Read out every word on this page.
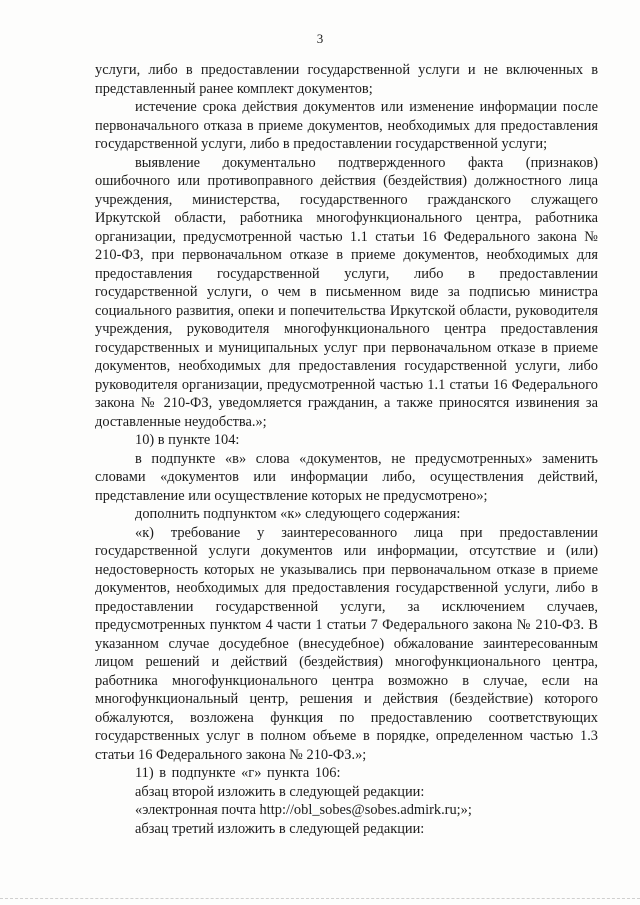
3

услуги, либо в предоставлении государственной услуги и не включенных в представленный ранее комплект документов;

истечение срока действия документов или изменение информации после первоначального отказа в приеме документов, необходимых для предоставления государственной услуги, либо в предоставлении государственной услуги;

выявление документально подтвержденного факта (признаков) ошибочного или противоправного действия (бездействия) должностного лица учреждения, министерства, государственного гражданского служащего Иркутской области, работника многофункционального центра, работника организации, предусмотренной частью 1.1 статьи 16 Федерального закона № 210-ФЗ, при первоначальном отказе в приеме документов, необходимых для предоставления государственной услуги, либо в предоставлении государственной услуги, о чем в письменном виде за подписью министра социального развития, опеки и попечительства Иркутской области, руководителя учреждения, руководителя многофункционального центра предоставления государственных и муниципальных услуг при первоначальном отказе в приеме документов, необходимых для предоставления государственной услуги, либо руководителя организации, предусмотренной частью 1.1 статьи 16 Федерального закона № 210-ФЗ, уведомляется гражданин, а также приносятся извинения за доставленные неудобства.»;

10) в пункте 104:

в подпункте «в» слова «документов, не предусмотренных» заменить словами «документов или информации либо, осуществления действий, представление или осуществление которых не предусмотрено»;

дополнить подпунктом «к» следующего содержания:

«к) требование у заинтересованного лица при предоставлении государственной услуги документов или информации, отсутствие и (или) недостоверность которых не указывались при первоначальном отказе в приеме документов, необходимых для предоставления государственной услуги, либо в предоставлении государственной услуги, за исключением случаев, предусмотренных пунктом 4 части 1 статьи 7 Федерального закона № 210-ФЗ. В указанном случае досудебное (внесудебное) обжалование заинтересованным лицом решений и действий (бездействия) многофункционального центра, работника многофункционального центра возможно в случае, если на многофункциональный центр, решения и действия (бездействие) которого обжалуются, возложена функция по предоставлению соответствующих государственных услуг в полном объеме в порядке, определенном частью 1.3 статьи 16 Федерального закона № 210-ФЗ.»;

11) в подпункте «г» пункта 106:

абзац второй изложить в следующей редакции:

«электронная почта http://obl_sobes@sobes.admirk.ru;»;

абзац третий изложить в следующей редакции:
